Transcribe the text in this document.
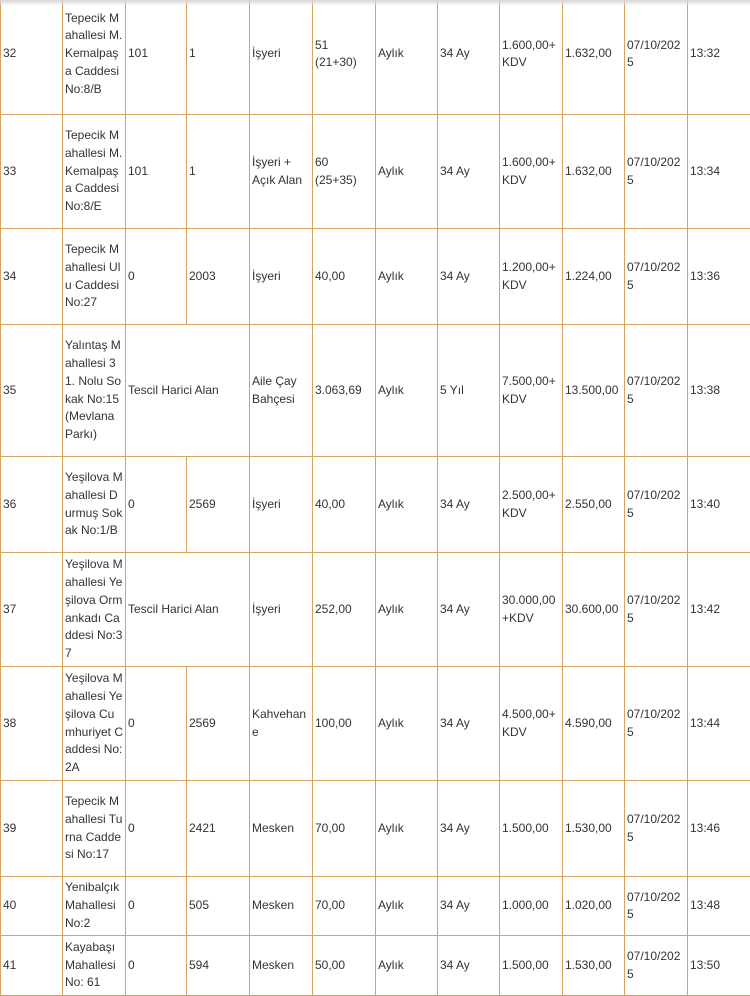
32	Tepecik Mahallesi M.Kemalpaşa Caddesi No:8/B	101	1	İşyeri	51 (21+30)	Aylık	34 Ay	1.600,00+ KDV	1.632,00	07/10/2025	13:32
33	Tepecik Mahallesi M.Kemalpaşa Caddesi No:8/E	101	1	İşyeri + Açık Alan	60 (25+35)	Aylık	34 Ay	1.600,00+ KDV	1.632,00	07/10/2025	13:34
34	Tepecik Mahallesi Ulu Caddesi No:27	0	2003	İşyeri	40,00	Aylık	34 Ay	1.200,00+ KDV	1.224,00	07/10/2025	13:36
35	Yalıntaş Mahallesi 31. Nolu Sokak No:15 (Mevlana Parkı)	Tescil Harici Alan		Aile Çay Bahçesi	3.063,69	Aylık	5 Yıl	7.500,00+ KDV	13.500,00	07/10/2025	13:38
36	Yeşilova Mahallesi Durmuş Sokak No:1/B	0	2569	İşyeri	40,00	Aylık	34 Ay	2.500,00+ KDV	2.550,00	07/10/2025	13:40
37	Yeşilova Mahallesi Yeşilova Ormankadı Caddesi No:37	Tescil Harici Alan		İşyeri	252,00	Aylık	34 Ay	30.000,00 +KDV	30.600,00	07/10/2025	13:42
38	Yeşilova Mahallesi Yeşilova Cumhuriyet Caddesi No:2A	0	2569	Kahvehane	100,00	Aylık	34 Ay	4.500,00+ KDV	4.590,00	07/10/2025	13:44
39	Tepecik Mahallesi Turna Caddesi No:17	0	2421	Mesken	70,00	Aylık	34 Ay	1.500,00	1.530,00	07/10/2025	13:46
40	Yenibalçık Mahallesi No:2	0	505	Mesken	70,00	Aylık	34 Ay	1.000,00	1.020,00	07/10/2025	13:48
41	Kayabaşı Mahallesi No: 61	0	594	Mesken	50,00	Aylık	34 Ay	1.500,00	1.530,00	07/10/2025	13:50
